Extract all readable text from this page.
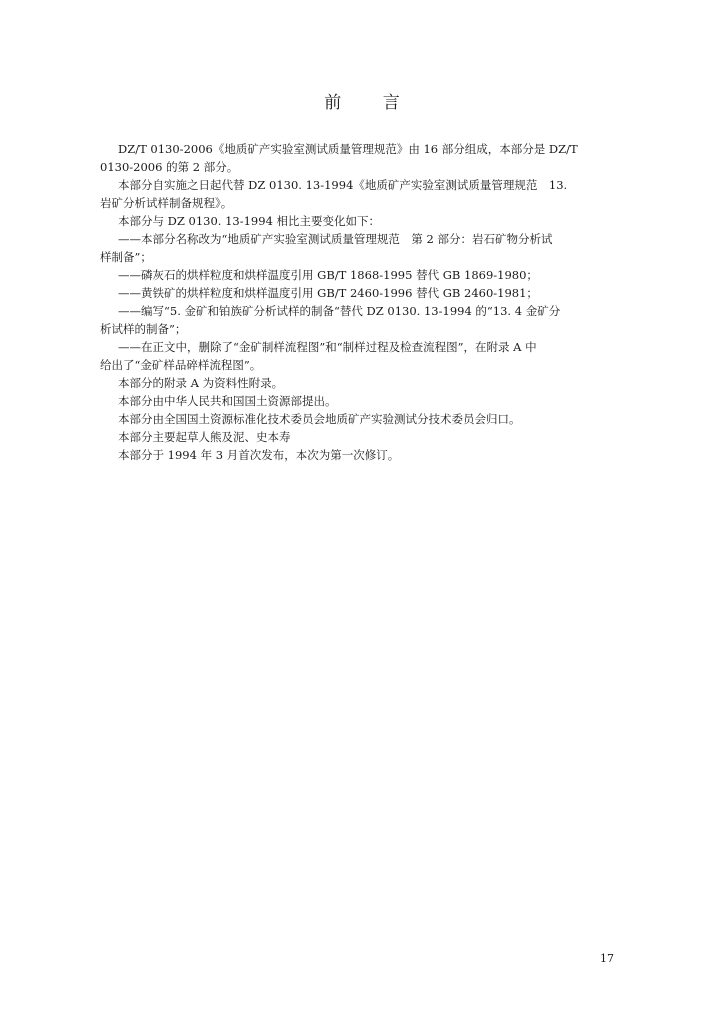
前 言

DZ/T 0130-2006《地质矿产实验室测试质量管理规范》由 16 部分组成，本部分是 DZ/T

0130-2006 的第 2 部分。

本部分自实施之日起代替 DZ 0130. 13-1994《地质矿产实验室测试质量管理规范　13.

岩矿分析试样制备规程》。

本部分与 DZ 0130. 13-1994 相比主要变化如下：

——本部分名称改为“地质矿产实验室测试质量管理规范　第 2 部分：岩石矿物分析试

样制备”；

——磷灰石的烘样粒度和烘样温度引用 GB/T 1868-1995 替代 GB 1869-1980；

——黄铁矿的烘样粒度和烘样温度引用 GB/T 2460-1996 替代 GB 2460-1981；

——编写“5. 金矿和铂族矿分析试样的制备“替代 DZ 0130. 13-1994 的“13. 4 金矿分

析试样的制备”；

——在正文中，删除了“金矿制样流程图”和“制样过程及检查流程图”，在附录 A 中

给出了“金矿样品碎样流程图”。

本部分的附录 A 为资料性附录。

本部分由中华人民共和国国土资源部提出。

本部分由全国国土资源标准化技术委员会地质矿产实验测试分技术委员会归口。

本部分主要起草人熊及泥、史本寿

本部分于 1994 年 3 月首次发布，本次为第一次修订。

17
